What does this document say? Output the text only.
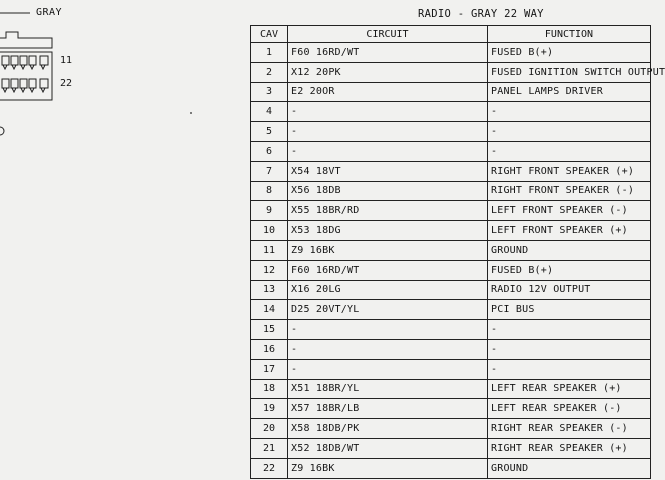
GRAY
11
22
RADIO - GRAY 22 WAY
CAV	CIRCUIT	FUNCTION
1	F60 16RD/WT	FUSED B(+)
2	X12 20PK	FUSED IGNITION SWITCH OUTPUT
3	E2 20OR	PANEL LAMPS DRIVER
4	-	-
5	-	-
6	-	-
7	X54 18VT	RIGHT FRONT SPEAKER (+)
8	X56 18DB	RIGHT FRONT SPEAKER (-)
9	X55 18BR/RD	LEFT FRONT SPEAKER (-)
10	X53 18DG	LEFT FRONT SPEAKER (+)
11	Z9 16BK	GROUND
12	F60 16RD/WT	FUSED B(+)
13	X16 20LG	RADIO 12V OUTPUT
14	D25 20VT/YL	PCI BUS
15	-	-
16	-	-
17	-	-
18	X51 18BR/YL	LEFT REAR SPEAKER (+)
19	X57 18BR/LB	LEFT REAR SPEAKER (-)
20	X58 18DB/PK	RIGHT REAR SPEAKER (-)
21	X52 18DB/WT	RIGHT REAR SPEAKER (+)
22	Z9 16BK	GROUND
